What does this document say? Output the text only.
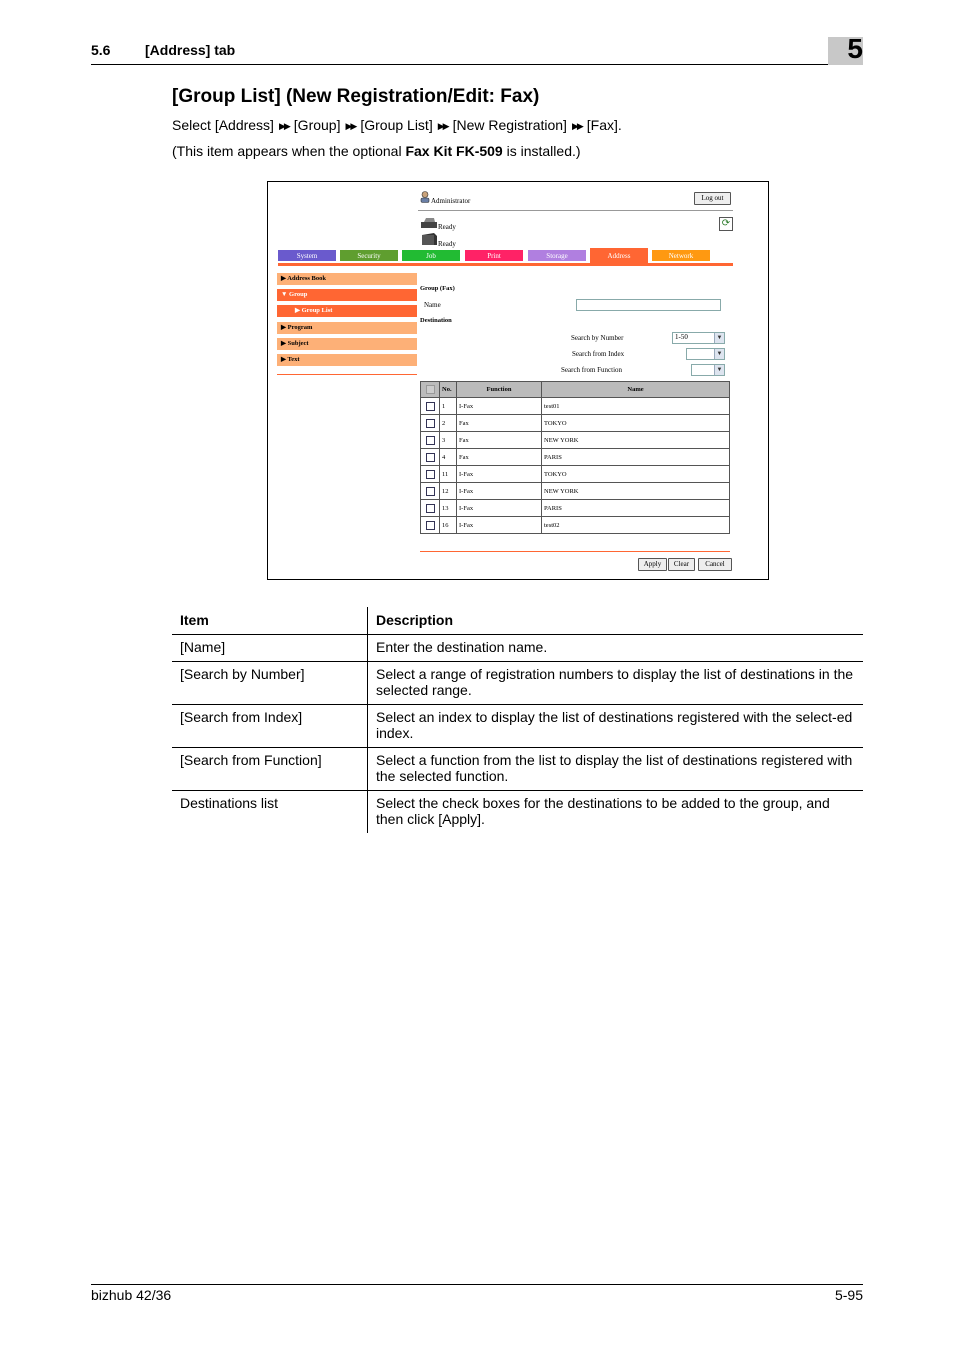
5.6 [Address] tab	5
[Group List] (New Registration/Edit: Fax)
Select [Address] ▶▶ [Group] ▶▶ [Group List] ▶▶ [New Registration] ▶▶ [Fax].
(This item appears when the optional Fax Kit FK-509 is installed.)
Administrator	Log out
Ready
Ready
⟳
System	Security	Job	Print	Storage	Address	Network
▶ Address Book
▼ Group
▶ Group List
▶ Program
▶ Subject
▶ Text
Group (Fax)
Name
Destination
Search by Number	1-50	▼
Search from Index	▼
Search from Function	▼
	No.	Function	Name
	1	I-Fax	test01
	2	Fax	TOKYO
	3	Fax	NEW YORK
	4	Fax	PARIS
	11	I-Fax	TOKYO
	12	I-Fax	NEW YORK
	13	I-Fax	PARIS
	16	I-Fax	test02
Apply	Clear	Cancel
Item	Description
[Name]	Enter the destination name.
[Search by Number]	Select a range of registration numbers to display the list of destinations in the selected range.
[Search from Index]	Select an index to display the list of destinations registered with the select-ed index.
[Search from Function]	Select a function from the list to display the list of destinations registered with the selected function.
Destinations list	Select the check boxes for the destinations to be added to the group, and then click [Apply].
bizhub 42/36	5-95
